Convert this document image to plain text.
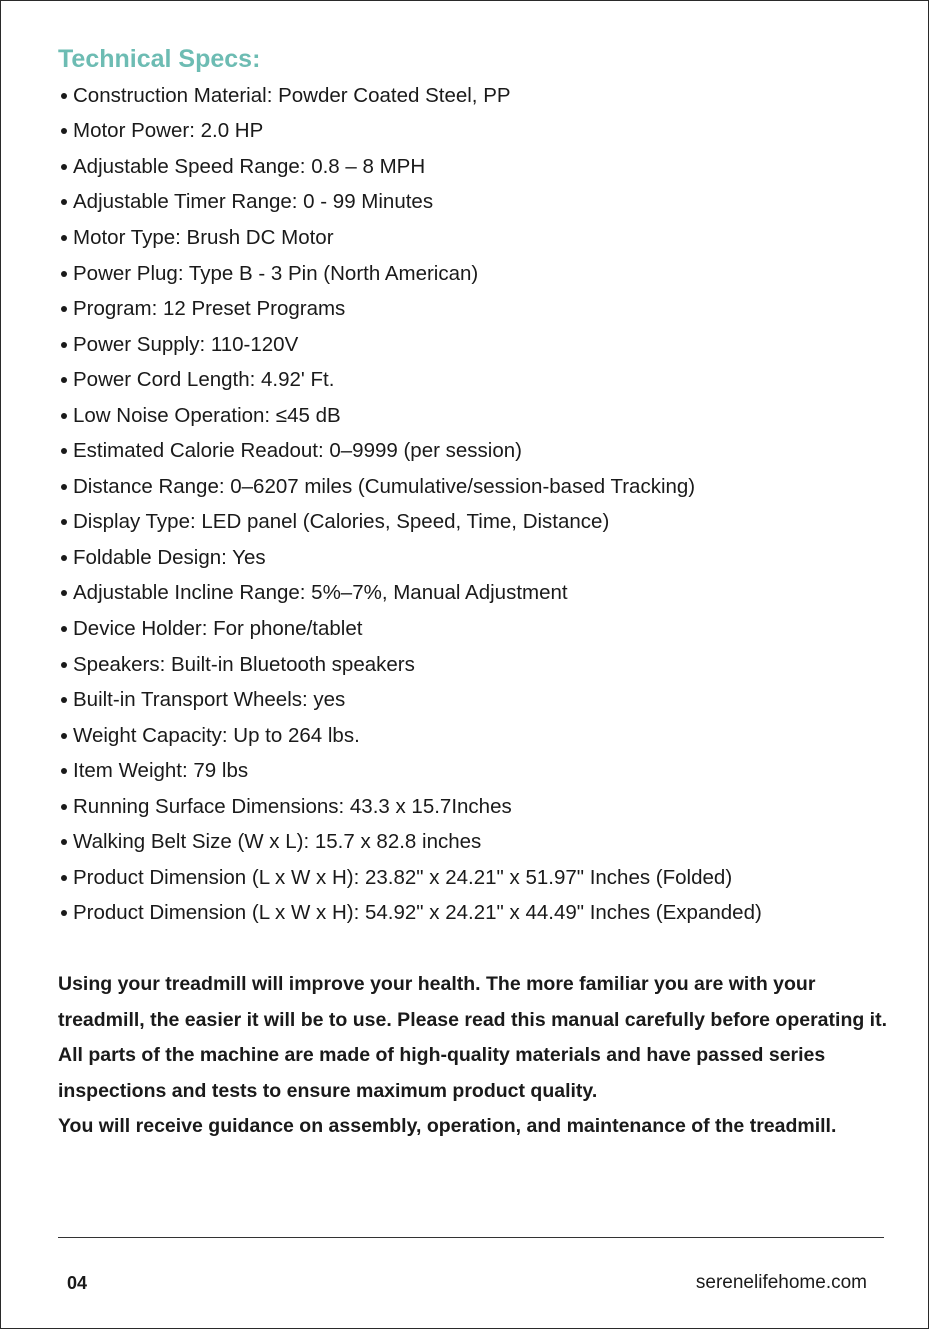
Technical Specs:
Construction Material: Powder Coated Steel, PP
Motor Power: 2.0 HP
Adjustable Speed Range: 0.8 – 8 MPH
Adjustable Timer Range: 0 - 99 Minutes
Motor Type: Brush DC Motor
Power Plug: Type B - 3 Pin (North American)
Program: 12 Preset Programs
Power Supply: 110-120V
Power Cord Length: 4.92' Ft.
Low Noise Operation: ≤45 dB
Estimated Calorie Readout: 0–9999 (per session)
Distance Range: 0–6207 miles (Cumulative/session-based Tracking)
Display Type: LED panel (Calories, Speed, Time, Distance)
Foldable Design: Yes
Adjustable Incline Range: 5%–7%, Manual Adjustment
Device Holder: For phone/tablet
Speakers: Built-in Bluetooth speakers
Built-in Transport Wheels: yes
Weight Capacity: Up to 264 lbs.
Item Weight: 79 lbs
Running Surface Dimensions: 43.3 x 15.7Inches
Walking Belt Size (W x L): 15.7 x 82.8 inches
Product Dimension (L x W x H): 23.82" x 24.21" x 51.97" Inches (Folded)
Product Dimension (L x W x H): 54.92" x 24.21" x 44.49" Inches (Expanded)

Using your treadmill will improve your health. The more familiar you are with your treadmill, the easier it will be to use. Please read this manual carefully before operating it. All parts of the machine are made of high-quality materials and have passed series inspections and tests to ensure maximum product quality.

You will receive guidance on assembly, operation, and maintenance of the treadmill.

04	serenelifehome.com
